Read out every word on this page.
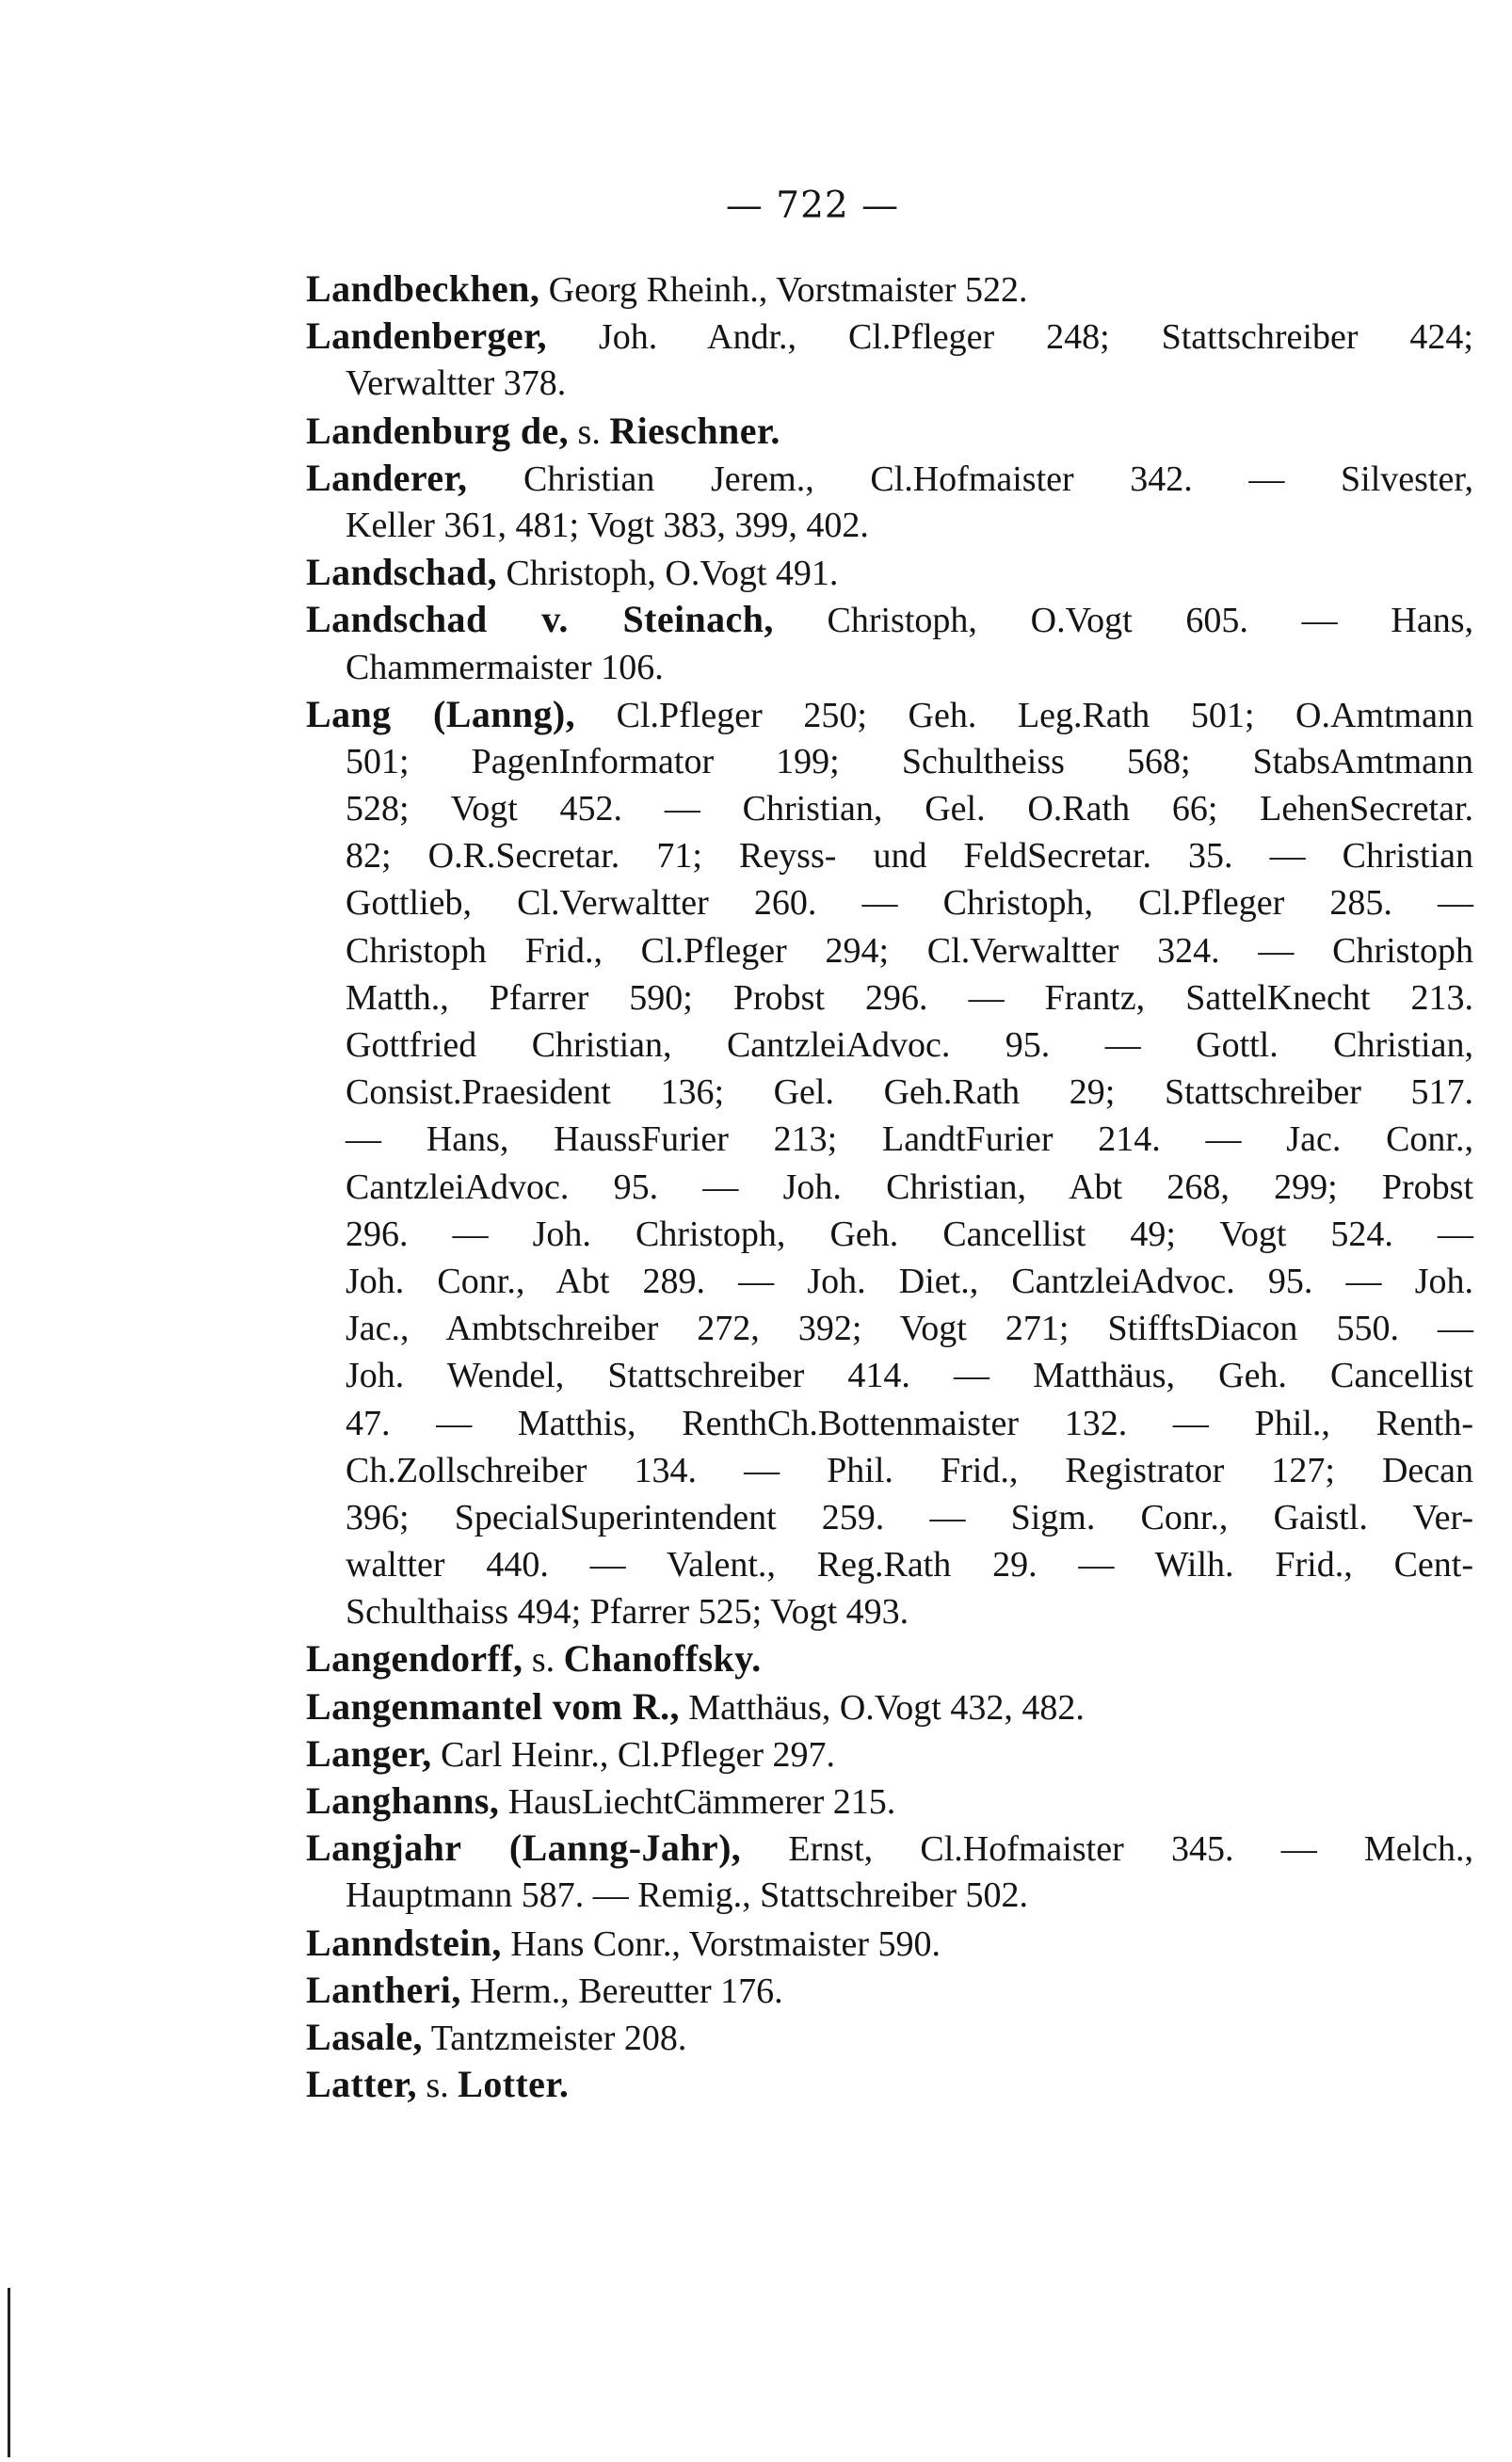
— 722 —
Landbeckhen, Georg Rheinh., Vorstmaister 522.
Landenberger, Joh. Andr., Cl.Pfleger 248; Stattschreiber 424;
Verwaltter 378.
Landenburg de, s. Rieschner.
Landerer, Christian Jerem., Cl.Hofmaister 342. — Silvester,
Keller 361, 481; Vogt 383, 399, 402.
Landschad, Christoph, O.Vogt 491.
Landschad v. Steinach, Christoph, O.Vogt 605. — Hans,
Chammermaister 106.
Lang (Lanng), Cl.Pfleger 250; Geh. Leg.Rath 501; O.Amtmann
501; PagenInformator 199; Schultheiss 568; StabsAmtmann
528; Vogt 452. — Christian, Gel. O.Rath 66; LehenSecretar.
82; O.R.Secretar. 71; Reyss- und FeldSecretar. 35. — Christian
Gottlieb, Cl.Verwaltter 260. — Christoph, Cl.Pfleger 285. —
Christoph Frid., Cl.Pfleger 294; Cl.Verwaltter 324. — Christoph
Matth., Pfarrer 590; Probst 296. — Frantz, SattelKnecht 213.
Gottfried Christian, CantzleiAdvoc. 95. — Gottl. Christian,
Consist.Praesident 136; Gel. Geh.Rath 29; Stattschreiber 517.
— Hans, HaussFurier 213; LandtFurier 214. — Jac. Conr.,
CantzleiAdvoc. 95. — Joh. Christian, Abt 268, 299; Probst
296. — Joh. Christoph, Geh. Cancellist 49; Vogt 524. —
Joh. Conr., Abt 289. — Joh. Diet., CantzleiAdvoc. 95. — Joh.
Jac., Ambtschreiber 272, 392; Vogt 271; StifftsDiacon 550. —
Joh. Wendel, Stattschreiber 414. — Matthäus, Geh. Cancellist
47. — Matthis, RenthCh.Bottenmaister 132. — Phil., Renth-
Ch.Zollschreiber 134. — Phil. Frid., Registrator 127; Decan
396; SpecialSuperintendent 259. — Sigm. Conr., Gaistl. Ver-
waltter 440. — Valent., Reg.Rath 29. — Wilh. Frid., Cent-
Schulthaiss 494; Pfarrer 525; Vogt 493.
Langendorff, s. Chanoffsky.
Langenmantel vom R., Matthäus, O.Vogt 432, 482.
Langer, Carl Heinr., Cl.Pfleger 297.
Langhanns, HausLiechtCämmerer 215.
Langjahr (Lanng-Jahr), Ernst, Cl.Hofmaister 345. — Melch.,
Hauptmann 587. — Remig., Stattschreiber 502.
Lanndstein, Hans Conr., Vorstmaister 590.
Lantheri, Herm., Bereutter 176.
Lasale, Tantzmeister 208.
Latter, s. Lotter.
